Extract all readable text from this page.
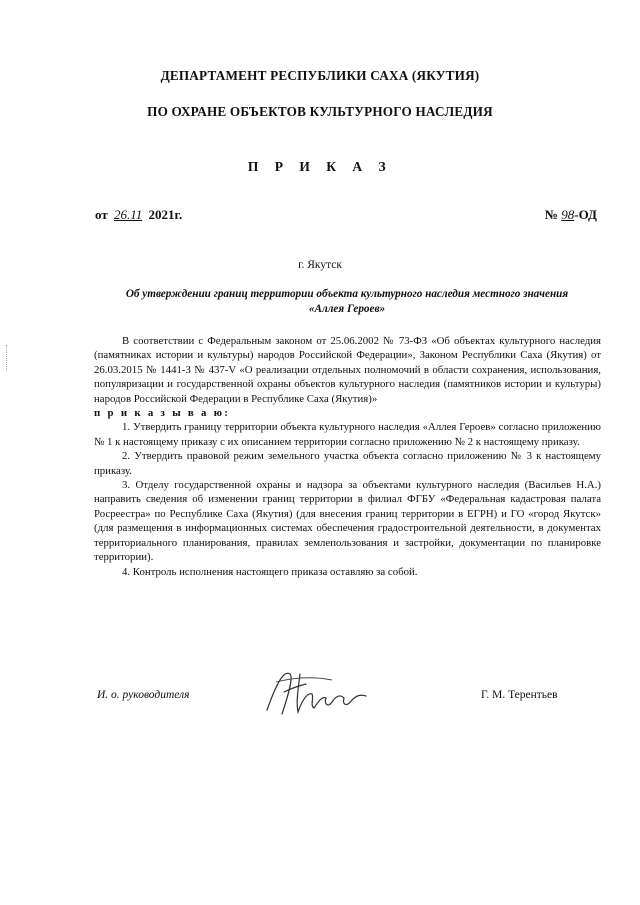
ДЕПАРТАМЕНТ РЕСПУБЛИКИ САХА (ЯКУТИЯ)
ПО ОХРАНЕ ОБЪЕКТОВ КУЛЬТУРНОГО НАСЛЕДИЯ
П Р И К А З
от 26.11 2021г.	№ 98-ОД
г. Якутск
Об утверждении границ территории объекта культурного наследия местного значения «Аллея Героев»

В соответствии с Федеральным законом от 25.06.2002 № 73-ФЗ «Об объектах культурного наследия (памятниках истории и культуры) народов Российской Федерации», Законом Республики Саха (Якутия) от 26.03.2015 № 1441-З № 437-V «О реализации отдельных полномочий в области сохранения, использования, популяризации и государственной охраны объектов культурного наследия (памятников истории и культуры) народов Российской Федерации в Республике Саха (Якутия)»

п р и к а з ы в а ю:

1. Утвердить границу территории объекта культурного наследия «Аллея Героев» согласно приложению № 1 к настоящему приказу с их описанием территории согласно приложению № 2 к настоящему приказу.

2. Утвердить правовой режим земельного участка объекта согласно приложению № 3 к настоящему приказу.

3. Отделу государственной охраны и надзора за объектами культурного наследия (Васильев Н.А.) направить сведения об изменении границ территории в филиал ФГБУ «Федеральная кадастровая палата Росреестра» по Республике Саха (Якутия) (для внесения границ территории в ЕГРН) и ГО «город Якутск» (для размещения в информационных системах обеспечения градостроительной деятельности, в документах территориального планирования, правилах землепользования и застройки, документации по планировке территории).

4. Контроль исполнения настоящего приказа оставляю за собой.

И. о. руководителя	Г. М. Терентьев
